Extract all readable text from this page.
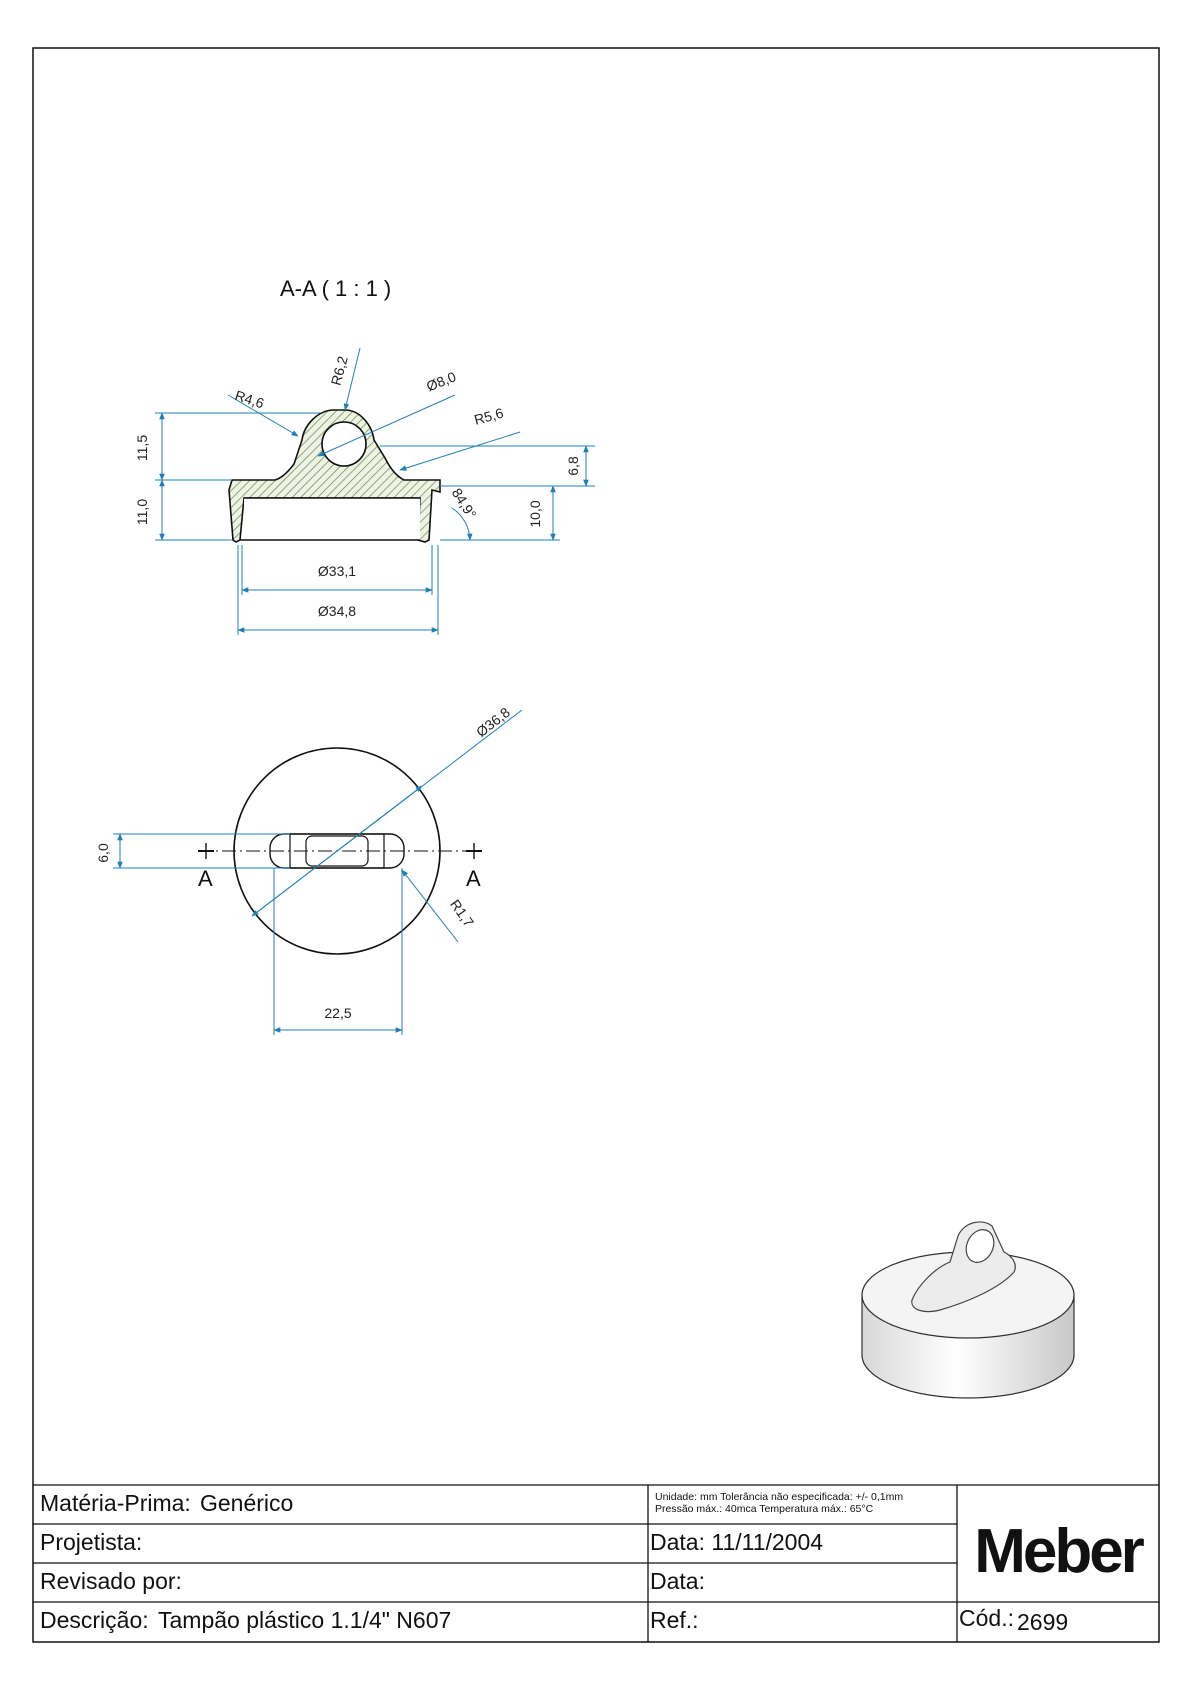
A-A ( 1 : 1 )
11,5
11,0
6,8
10,0
84,9°
R6,2
R4,6
Ø8,0
R5,6
Ø33,1
Ø34,8
A	A
Ø36,8
6,0
R1,7
22,5
Matéria-Prima: Genérico
Projetista:
Revisado por:
Descrição: Tampão plástico 1.1/4" N607
Unidade: mm Tolerância não especificada: +/- 0,1mm
Pressão máx.: 40mca Temperatura máx.: 65°C
Data: 11/11/2004
Data:
Ref.:	Cód.: 2699
Meber
